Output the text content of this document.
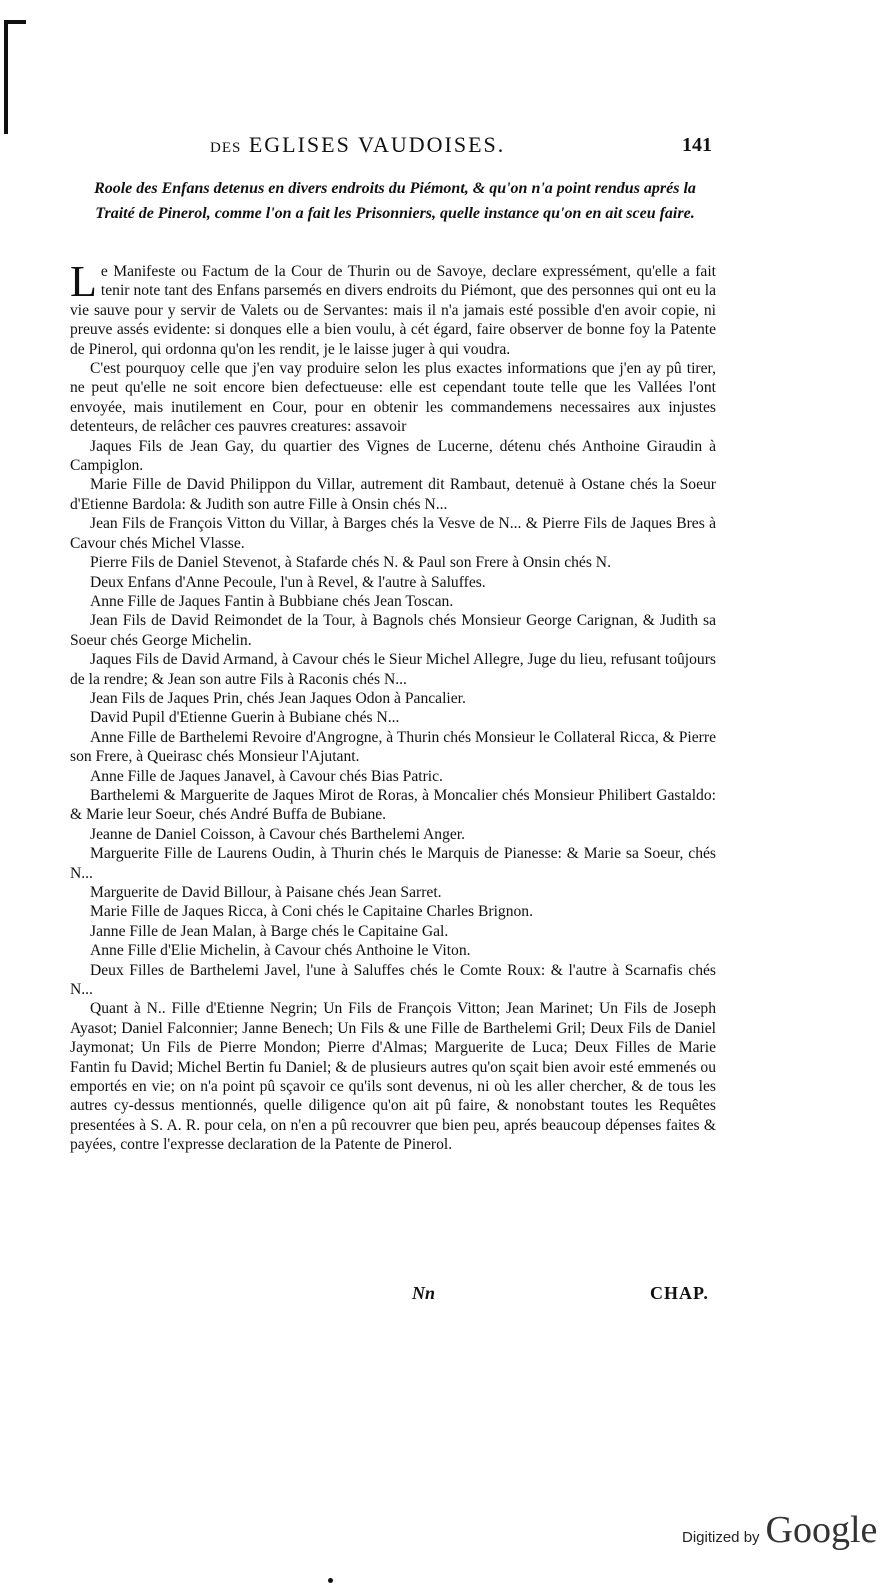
DES EGLISES VAUDOISES.	141
Roole des Enfans detenus en divers endroits du Piémont, & qu'on n'a point rendus aprés la Traité de Pinerol, comme l'on a fait les Prisonniers, quelle instance qu'on en ait sceu faire.

Le Manifeste ou Factum de la Cour de Thurin ou de Savoye, declare expressément, qu'elle a fait tenir note tant des Enfans parsemés en divers endroits du Piémont, que des personnes qui ont eu la vie sauve pour y servir de Valets ou de Servantes: mais il n'a jamais esté possible d'en avoir copie, ni preuve assés evidente: si donques elle a bien voulu, à cét égard, faire observer de bonne foy la Patente de Pinerol, qui ordonna qu'on les rendit, je le laisse juger à qui voudra.

C'est pourquoy celle que j'en vay produire selon les plus exactes informations que j'en ay pû tirer, ne peut qu'elle ne soit encore bien defectueuse: elle est cependant toute telle que les Vallées l'ont envoyée, mais inutilement en Cour, pour en obtenir les commandemens necessaires aux injustes detenteurs, de relâcher ces pauvres creatures: assavoir

Jaques Fils de Jean Gay, du quartier des Vignes de Lucerne, détenu chés Anthoine Giraudin à Campiglon.

Marie Fille de David Philippon du Villar, autrement dit Rambaut, detenuë à Ostane chés la Soeur d'Etienne Bardola: & Judith son autre Fille à Onsin chés N...

Jean Fils de François Vitton du Villar, à Barges chés la Vesve de N... & Pierre Fils de Jaques Bres à Cavour chés Michel Vlasse.

Pierre Fils de Daniel Stevenot, à Stafarde chés N. & Paul son Frere à Onsin chés N.

Deux Enfans d'Anne Pecoule, l'un à Revel, & l'autre à Saluffes.

Anne Fille de Jaques Fantin à Bubbiane chés Jean Toscan.

Jean Fils de David Reimondet de la Tour, à Bagnols chés Monsieur George Carignan, & Judith sa Soeur chés George Michelin.

Jaques Fils de David Armand, à Cavour chés le Sieur Michel Allegre, Juge du lieu, refusant toûjours de la rendre; & Jean son autre Fils à Raconis chés N...

Jean Fils de Jaques Prin, chés Jean Jaques Odon à Pancalier.

David Pupil d'Etienne Guerin à Bubiane chés N...

Anne Fille de Barthelemi Revoire d'Angrogne, à Thurin chés Monsieur le Collateral Ricca, & Pierre son Frere, à Queirasc chés Monsieur l'Ajutant.

Anne Fille de Jaques Janavel, à Cavour chés Bias Patric.

Barthelemi & Marguerite de Jaques Mirot de Roras, à Moncalier chés Monsieur Philibert Gastaldo: & Marie leur Soeur, chés André Buffa de Bubiane.

Jeanne de Daniel Coisson, à Cavour chés Barthelemi Anger.

Marguerite Fille de Laurens Oudin, à Thurin chés le Marquis de Pianesse: & Marie sa Soeur, chés N...

Marguerite de David Billour, à Paisane chés Jean Sarret.

Marie Fille de Jaques Ricca, à Coni chés le Capitaine Charles Brignon.

Janne Fille de Jean Malan, à Barge chés le Capitaine Gal.

Anne Fille d'Elie Michelin, à Cavour chés Anthoine le Viton.

Deux Filles de Barthelemi Javel, l'une à Saluffes chés le Comte Roux: & l'autre à Scarnafis chés N...

Quant à N.. Fille d'Etienne Negrin; Un Fils de François Vitton; Jean Marinet; Un Fils de Joseph Ayasot; Daniel Falconnier; Janne Benech; Un Fils & une Fille de Barthelemi Gril; Deux Fils de Daniel Jaymonat; Un Fils de Pierre Mondon; Pierre d'Almas; Marguerite de Luca; Deux Filles de Marie Fantin fu David; Michel Bertin fu Daniel; & de plusieurs autres qu'on sçait bien avoir esté emmenés ou emportés en vie; on n'a point pû sçavoir ce qu'ils sont devenus, ni où les aller chercher, & de tous les autres cy-dessus mentionnés, quelle diligence qu'on ait pû faire, & nonobstant toutes les Requêtes presentées à S. A. R. pour cela, on n'en a pû recouvrer que bien peu, aprés beaucoup dépenses faites & payées, contre l'expresse declaration de la Patente de Pinerol.

Nn	CHAP.
Digitized by Google
